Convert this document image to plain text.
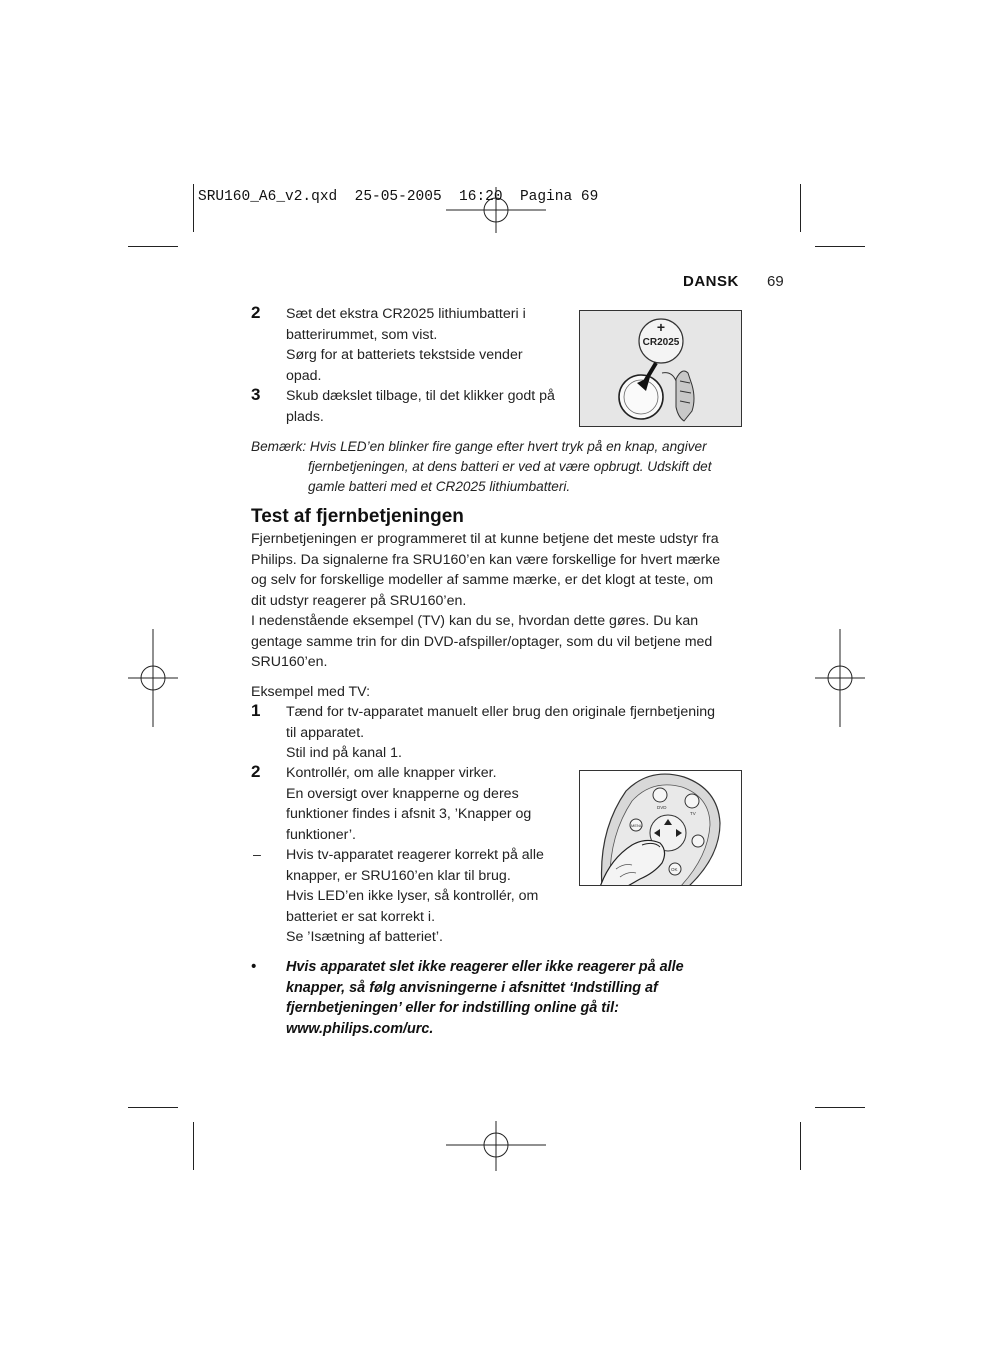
SRU160_A6_v2.qxd  25-05-2005  16:20  Pagina 69
DANSK 69
2 Sæt det ekstra CR2025 lithiumbatteri i
batterirummet, som vist.
Sørg for at batteriets tekstside vender
opad.
3 Skub dækslet tilbage, til det klikker godt på
plads.
+
CR2025
Bemærk: Hvis LED’en blinker fire gange efter hvert tryk på en knap, angiver
fjernbetjeningen, at dens batteri er ved at være opbrugt. Udskift det
gamle batteri med et CR2025 lithiumbatteri.
Test af fjernbetjeningen
Fjernbetjeningen er programmeret til at kunne betjene det meste udstyr fra
Philips. Da signalerne fra SRU160’en kan være forskellige for hvert mærke
og selv for forskellige modeller af samme mærke, er det klogt at teste, om
dit udstyr reagerer på SRU160’en.
I nedenstående eksempel (TV) kan du se, hvordan dette gøres. Du kan
gentage samme trin for din DVD-afspiller/optager, som du vil betjene med
SRU160’en.
Eksempel med TV:
1 Tænd for tv-apparatet manuelt eller brug den originale fjernbetjening
til apparatet.
Stil ind på kanal 1.
2 Kontrollér, om alle knapper virker.
En oversigt over knapperne og deres
funktioner findes i afsnit 3, ’Knapper og
funktioner’.
– Hvis tv-apparatet reagerer korrekt på alle
knapper, er SRU160’en klar til brug.
Hvis LED’en ikke lyser, så kontrollér, om
batteriet er sat korrekt i.
Se ’Isætning af batteriet’.
DVD
TV
MENU
OK
• Hvis apparatet slet ikke reagerer eller ikke reagerer på alle
knapper, så følg anvisningerne i afsnittet ‘Indstilling af
fjernbetjeningen’ eller for indstilling online gå til:
www.philips.com/urc.
